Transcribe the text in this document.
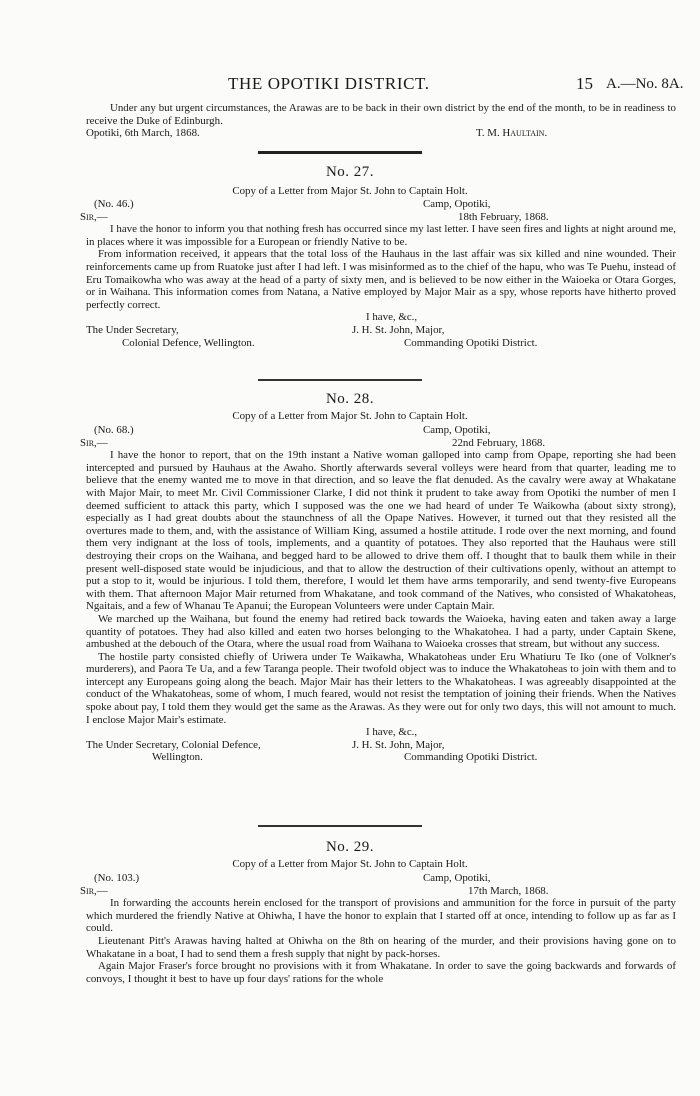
THE OPOTIKI DISTRICT.	15 A.—No. 8A.

Under any but urgent circumstances, the Arawas are to be back in their own district by the end of the month, to be in readiness to receive the Duke of Edinburgh.

Opotiki, 6th March, 1868.	T. M. Haultain.
No. 27.
Copy of a Letter from Major St. John to Captain Holt.
(No. 46.)	Camp, Opotiki,
Sir,—	18th February, 1868.

I have the honor to inform you that nothing fresh has occurred since my last letter. I have seen fires and lights at night around me, in places where it was impossible for a European or friendly Native to be.

From information received, it appears that the total loss of the Hauhaus in the last affair was six killed and nine wounded. Their reinforcements came up from Ruatoke just after I had left. I was misinformed as to the chief of the hapu, who was Te Puehu, instead of Eru Tomaikowha who was away at the head of a party of sixty men, and is believed to be now either in the Waioeka or Otara Gorges, or in Waihana. This information comes from Natana, a Native employed by Major Mair as a spy, whose reports have hitherto proved perfectly correct.

I have, &c.,
The Under Secretary,	J. H. St. John, Major,
Colonial Defence, Wellington.	Commanding Opotiki District.
No. 28.
Copy of a Letter from Major St. John to Captain Holt.
(No. 68.)	Camp, Opotiki,
Sir,—	22nd February, 1868.

I have the honor to report, that on the 19th instant a Native woman galloped into camp from Opape, reporting she had been intercepted and pursued by Hauhaus at the Awaho. Shortly afterwards several volleys were heard from that quarter, leading me to believe that the enemy wanted me to move in that direction, and so leave the flat denuded. As the cavalry were away at Whakatane with Major Mair, to meet Mr. Civil Commissioner Clarke, I did not think it prudent to take away from Opotiki the number of men I deemed sufficient to attack this party, which I supposed was the one we had heard of under Te Waikowha (about sixty strong), especially as I had great doubts about the staunchness of all the Opape Natives. However, it turned out that they resisted all the overtures made to them, and, with the assistance of William King, assumed a hostile attitude. I rode over the next morning, and found them very indignant at the loss of tools, implements, and a quantity of potatoes. They also reported that the Hauhaus were still destroying their crops on the Waihana, and begged hard to be allowed to drive them off. I thought that to baulk them while in their present well-disposed state would be injudicious, and that to allow the destruction of their cultivations openly, without an attempt to put a stop to it, would be injurious. I told them, therefore, I would let them have arms temporarily, and send twenty-five Europeans with them. That afternoon Major Mair returned from Whakatane, and took command of the Natives, who consisted of Whakatoheas, Ngaitais, and a few of Whanau Te Apanui; the European Volunteers were under Captain Mair.

We marched up the Waihana, but found the enemy had retired back towards the Waioeka, having eaten and taken away a large quantity of potatoes. They had also killed and eaten two horses belonging to the Whakatohea. I had a party, under Captain Skene, ambushed at the debouch of the Otara, where the usual road from Waihana to Waioeka crosses that stream, but without any success.

The hostile party consisted chiefly of Uriwera under Te Waikawha, Whakatoheas under Eru Whatiuru Te Iko (one of Volkner's murderers), and Paora Te Ua, and a few Taranga people. Their twofold object was to induce the Whakatoheas to join with them and to intercept any Europeans going along the beach. Major Mair has their letters to the Whakatoheas. I was agreeably disappointed at the conduct of the Whakatoheas, some of whom, I much feared, would not resist the temptation of joining their friends. When the Natives spoke about pay, I told them they would get the same as the Arawas. As they were out for only two days, this will not amount to much. I enclose Major Mair's estimate.

I have, &c.,
The Under Secretary, Colonial Defence,	J. H. St. John, Major,
Wellington.	Commanding Opotiki District.
No. 29.
Copy of a Letter from Major St. John to Captain Holt.
(No. 103.)	Camp, Opotiki,
Sir,—	17th March, 1868.

In forwarding the accounts herein enclosed for the transport of provisions and ammunition for the force in pursuit of the party which murdered the friendly Native at Ohiwha, I have the honor to explain that I started off at once, intending to follow up as far as I could.

Lieutenant Pitt's Arawas having halted at Ohiwha on the 8th on hearing of the murder, and their provisions having gone on to Whakatane in a boat, I had to send them a fresh supply that night by pack-horses.

Again Major Fraser's force brought no provisions with it from Whakatane. In order to save the going backwards and forwards of convoys, I thought it best to have up four days' rations for the whole
